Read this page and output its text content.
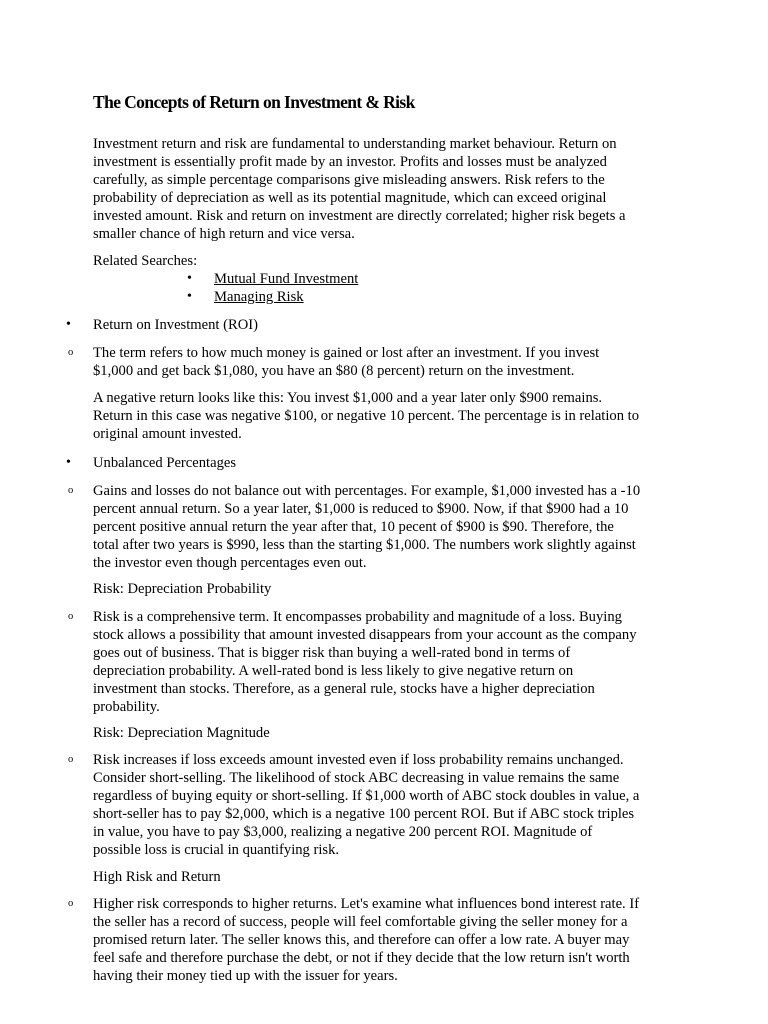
The Concepts of Return on Investment & Risk
Investment return and risk are fundamental to understanding market behaviour. Return on
investment is essentially profit made by an investor. Profits and losses must be analyzed
carefully, as simple percentage comparisons give misleading answers. Risk refers to the
probability of depreciation as well as its potential magnitude, which can exceed original
invested amount. Risk and return on investment are directly correlated; higher risk begets a
smaller chance of high return and vice versa.
Related Searches:
• Mutual Fund Investment
• Managing Risk
• Return on Investment (ROI)
o The term refers to how much money is gained or lost after an investment. If you invest
$1,000 and get back $1,080, you have an $80 (8 percent) return on the investment.
A negative return looks like this: You invest $1,000 and a year later only $900 remains.
Return in this case was negative $100, or negative 10 percent. The percentage is in relation to
original amount invested.
• Unbalanced Percentages
o Gains and losses do not balance out with percentages. For example, $1,000 invested has a -10
percent annual return. So a year later, $1,000 is reduced to $900. Now, if that $900 had a 10
percent positive annual return the year after that, 10 pecent of $900 is $90. Therefore, the
total after two years is $990, less than the starting $1,000. The numbers work slightly against
the investor even though percentages even out.
Risk: Depreciation Probability
o Risk is a comprehensive term. It encompasses probability and magnitude of a loss. Buying
stock allows a possibility that amount invested disappears from your account as the company
goes out of business. That is bigger risk than buying a well-rated bond in terms of
depreciation probability. A well-rated bond is less likely to give negative return on
investment than stocks. Therefore, as a general rule, stocks have a higher depreciation
probability.
Risk: Depreciation Magnitude
o Risk increases if loss exceeds amount invested even if loss probability remains unchanged.
Consider short-selling. The likelihood of stock ABC decreasing in value remains the same
regardless of buying equity or short-selling. If $1,000 worth of ABC stock doubles in value, a
short-seller has to pay $2,000, which is a negative 100 percent ROI. But if ABC stock triples
in value, you have to pay $3,000, realizing a negative 200 percent ROI. Magnitude of
possible loss is crucial in quantifying risk.
High Risk and Return
o Higher risk corresponds to higher returns. Let's examine what influences bond interest rate. If
the seller has a record of success, people will feel comfortable giving the seller money for a
promised return later. The seller knows this, and therefore can offer a low rate. A buyer may
feel safe and therefore purchase the debt, or not if they decide that the low return isn't worth
having their money tied up with the issuer for years.
